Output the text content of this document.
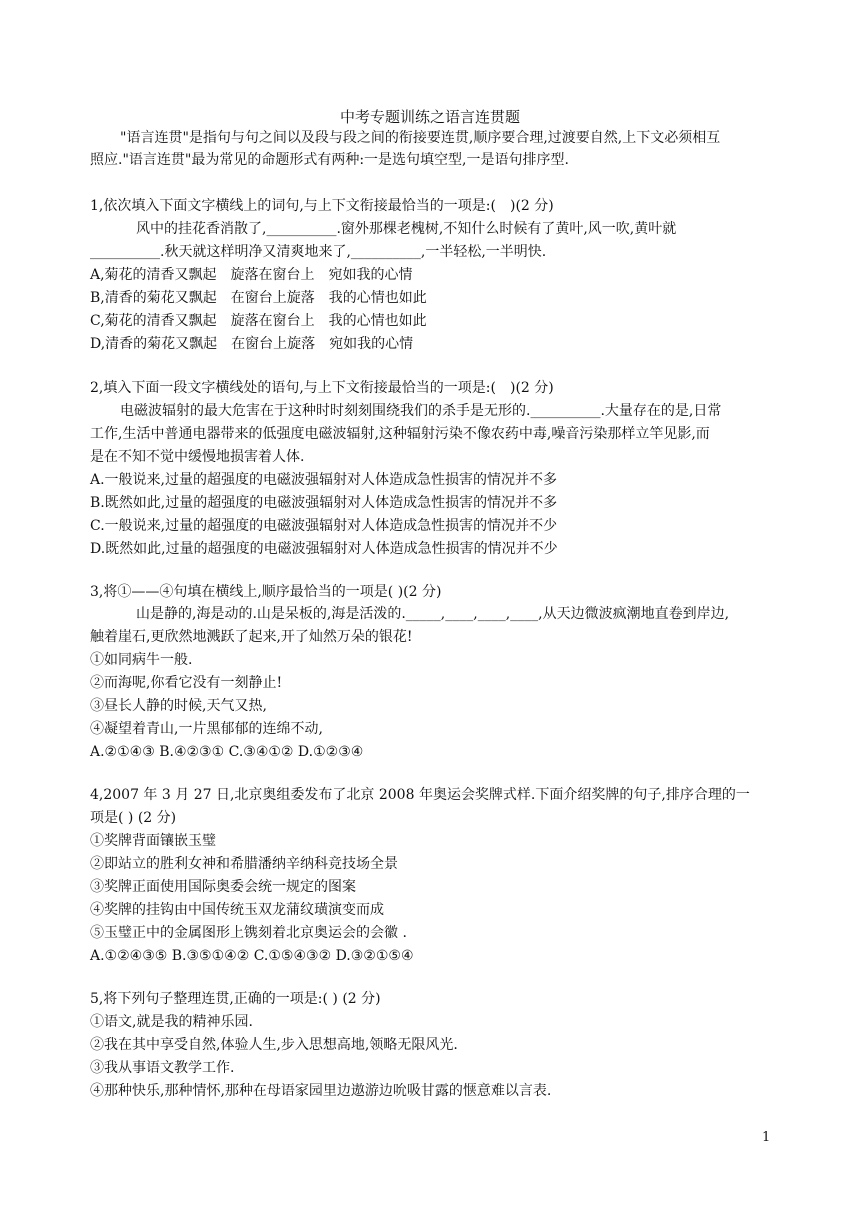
中考专题训练之语言连贯题
"语言连贯"是指句与句之间以及段与段之间的衔接要连贯,顺序要合理,过渡要自然,上下文必须相互
照应."语言连贯"最为常见的命题形式有两种:一是选句填空型,一是语句排序型.
1,依次填入下面文字横线上的词句,与上下文衔接最恰当的一项是:(　)(2 分)
风中的挂花香消散了,__________.窗外那棵老槐树,不知什么时候有了黄叶,风一吹,黄叶就
__________.秋天就这样明净又清爽地来了,__________,一半轻松,一半明快.
A,菊花的清香又飘起　旋落在窗台上　宛如我的心情
B,清香的菊花又飘起　在窗台上旋落　我的心情也如此
C,菊花的清香又飘起　旋落在窗台上　我的心情也如此
D,清香的菊花又飘起　在窗台上旋落　宛如我的心情
2,填入下面一段文字横线处的语句,与上下文衔接最恰当的一项是:(　)(2 分)
电磁波辐射的最大危害在于这种时时刻刻围绕我们的杀手是无形的.__________.大量存在的是,日常
工作,生活中普通电器带来的低强度电磁波辐射,这种辐射污染不像农药中毒,噪音污染那样立竿见影,而
是在不知不觉中缓慢地损害着人体.
A.一般说来,过量的超强度的电磁波强辐射对人体造成急性损害的情况并不多
B.既然如此,过量的超强度的电磁波强辐射对人体造成急性损害的情况并不多
C.一般说来,过量的超强度的电磁波强辐射对人体造成急性损害的情况并不少
D.既然如此,过量的超强度的电磁波强辐射对人体造成急性损害的情况并不少
3,将①——④句填在横线上,顺序最恰当的一项是( )(2 分)
山是静的,海是动的.山是呆板的,海是活泼的._____,____,____,____,从天边微波疯潮地直卷到岸边,
触着崖石,更欣然地溅跃了起来,开了灿然万朵的银花!
①如同病牛一般.
②而海呢,你看它没有一刻静止!
③昼长人静的时候,天气又热,
④凝望着青山,一片黑郁郁的连绵不动,
A.②①④③ B.④②③① C.③④①② D.①②③④
4,2007 年 3 月 27 日,北京奥组委发布了北京 2008 年奥运会奖牌式样.下面介绍奖牌的句子,排序合理的一
项是( ) (2 分)
①奖牌背面镶嵌玉璧
②即站立的胜利女神和希腊潘纳辛纳科竞技场全景
③奖牌正面使用国际奥委会统一规定的图案
④奖牌的挂钩由中国传统玉双龙蒲纹璜演变而成
⑤玉璧正中的金属图形上镌刻着北京奥运会的会徽 .
A.①②④③⑤ B.③⑤①④② C.①⑤④③② D.③②①⑤④
5,将下列句子整理连贯,正确的一项是:( ) (2 分)
①语文,就是我的精神乐园.
②我在其中享受自然,体验人生,步入思想高地,领略无限风光.
③我从事语文教学工作.
④那种快乐,那种情怀,那种在母语家园里边遨游边吮吸甘露的惬意难以言表.
1
